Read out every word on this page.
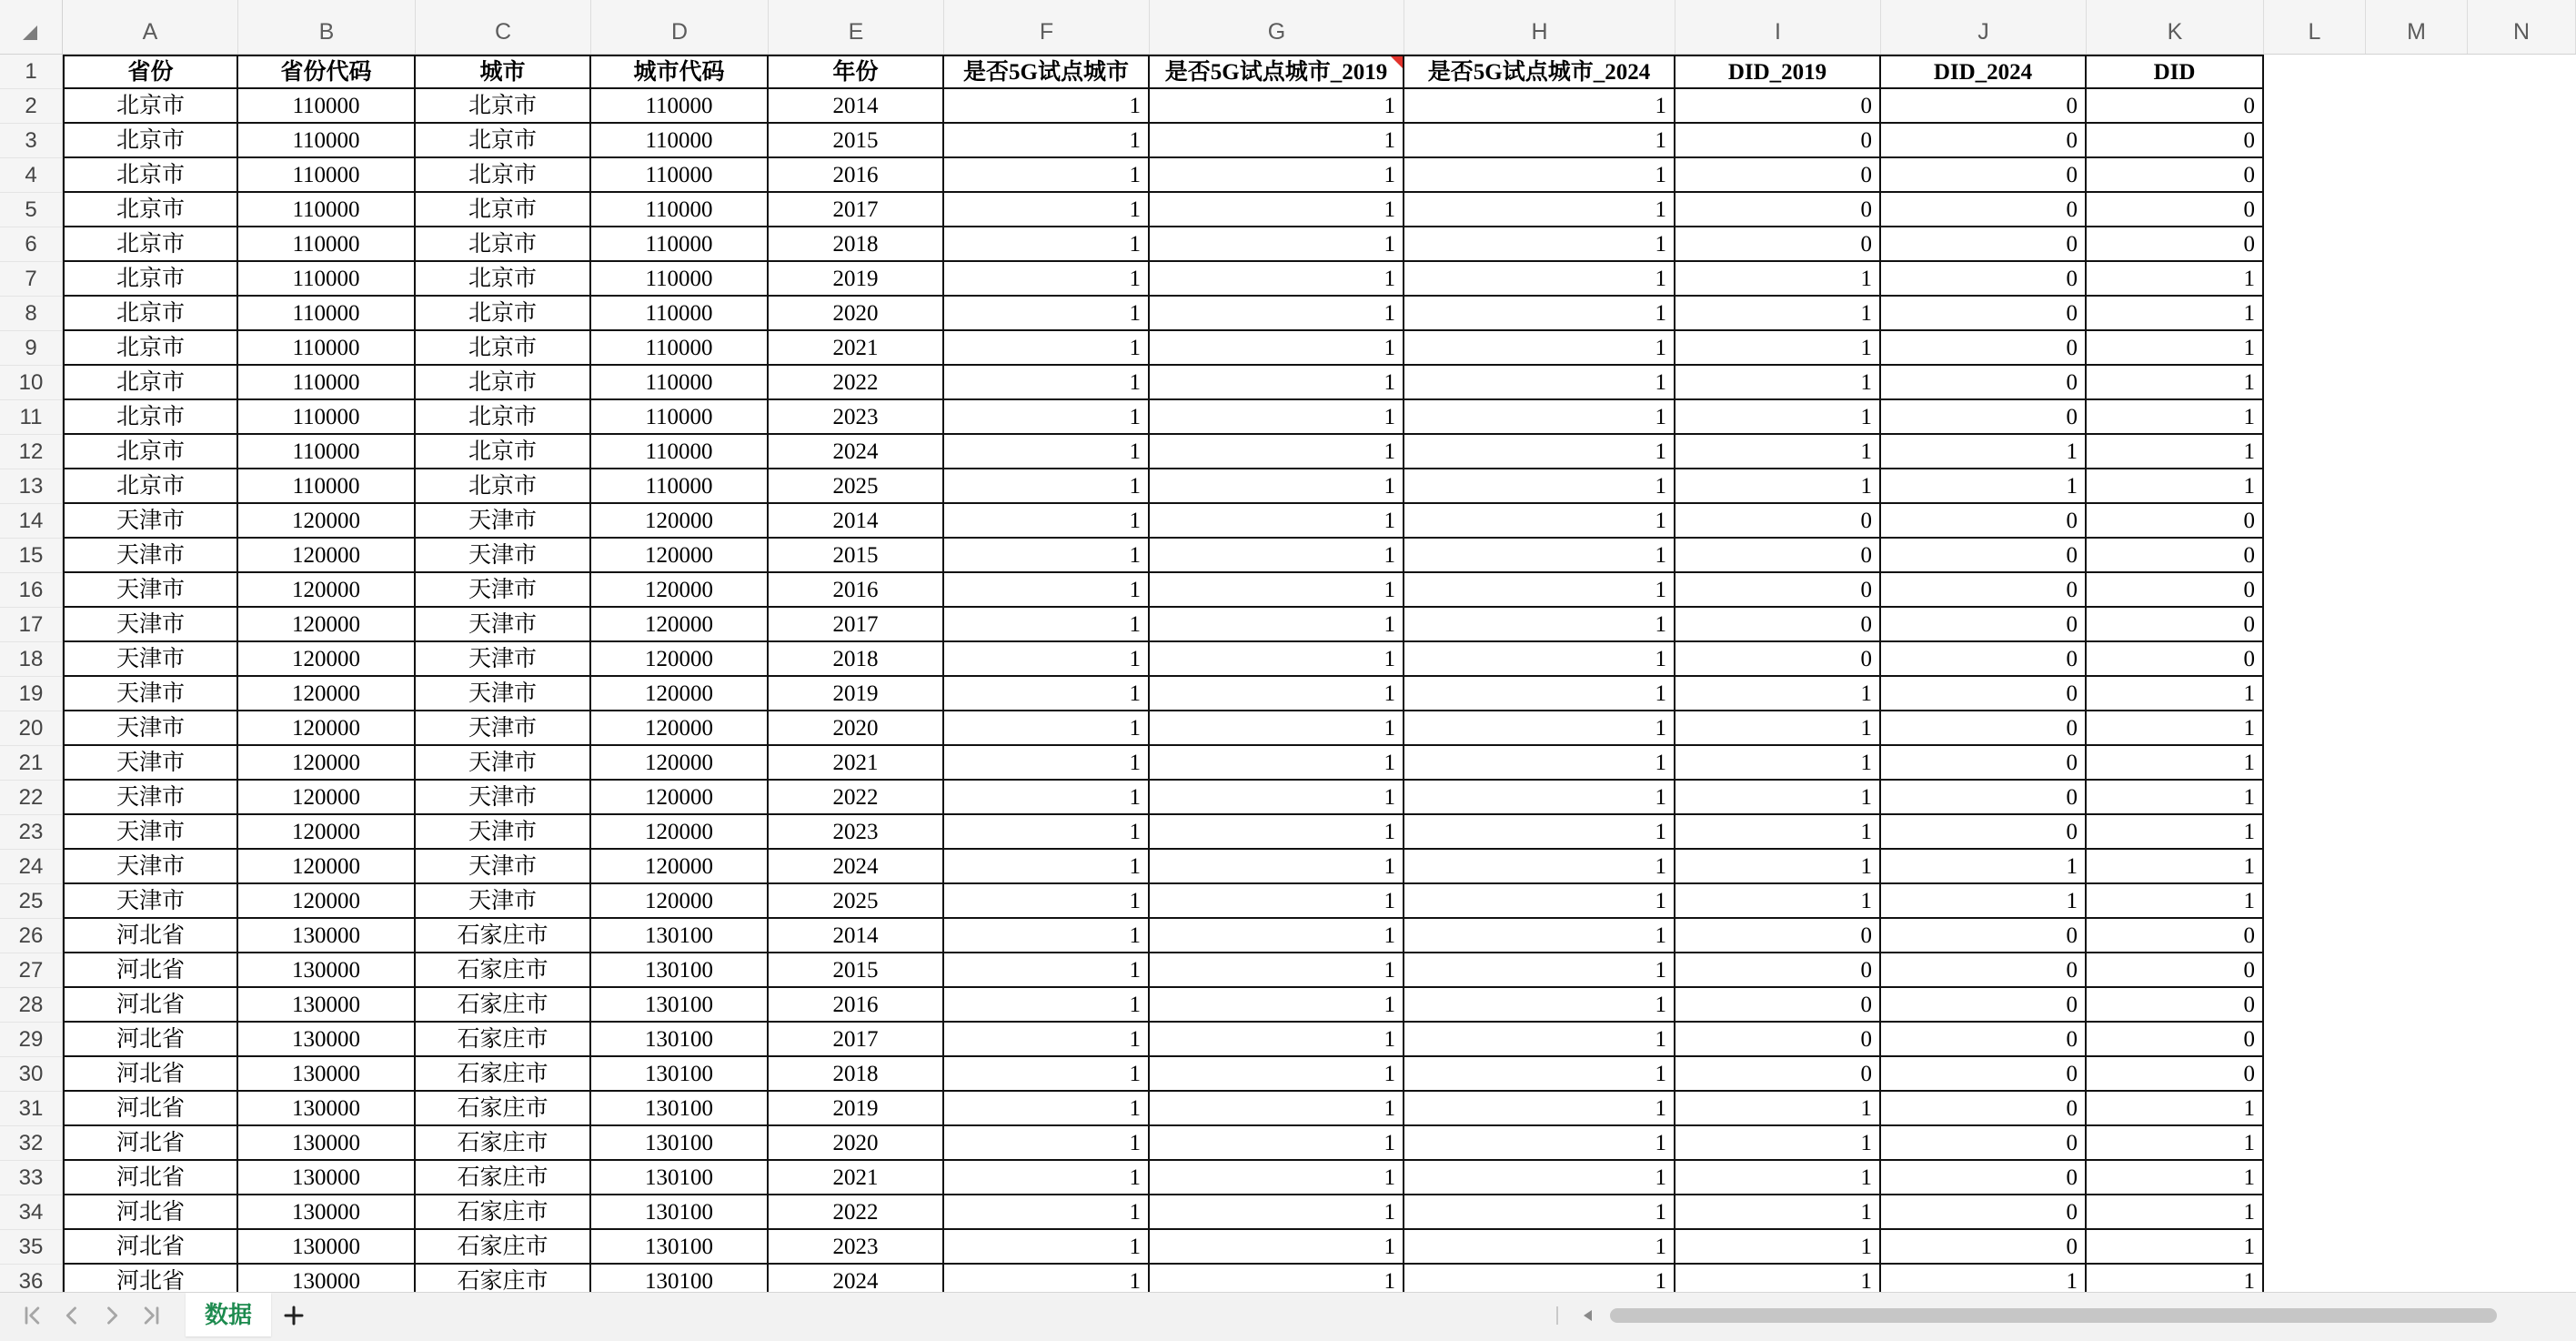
A	B	C	D	E	F	G	H	I	J	K	L	M	N
1	省份	省份代码	城市	城市代码	年份	是否5G试点城市	是否5G试点城市_2019	是否5G试点城市_2024	DID_2019	DID_2024	DID
2	北京市	110000	北京市	110000	2014	1	1	1	0	0	0
3	北京市	110000	北京市	110000	2015	1	1	1	0	0	0
4	北京市	110000	北京市	110000	2016	1	1	1	0	0	0
5	北京市	110000	北京市	110000	2017	1	1	1	0	0	0
6	北京市	110000	北京市	110000	2018	1	1	1	0	0	0
7	北京市	110000	北京市	110000	2019	1	1	1	1	0	1
8	北京市	110000	北京市	110000	2020	1	1	1	1	0	1
9	北京市	110000	北京市	110000	2021	1	1	1	1	0	1
10	北京市	110000	北京市	110000	2022	1	1	1	1	0	1
11	北京市	110000	北京市	110000	2023	1	1	1	1	0	1
12	北京市	110000	北京市	110000	2024	1	1	1	1	1	1
13	北京市	110000	北京市	110000	2025	1	1	1	1	1	1
14	天津市	120000	天津市	120000	2014	1	1	1	0	0	0
15	天津市	120000	天津市	120000	2015	1	1	1	0	0	0
16	天津市	120000	天津市	120000	2016	1	1	1	0	0	0
17	天津市	120000	天津市	120000	2017	1	1	1	0	0	0
18	天津市	120000	天津市	120000	2018	1	1	1	0	0	0
19	天津市	120000	天津市	120000	2019	1	1	1	1	0	1
20	天津市	120000	天津市	120000	2020	1	1	1	1	0	1
21	天津市	120000	天津市	120000	2021	1	1	1	1	0	1
22	天津市	120000	天津市	120000	2022	1	1	1	1	0	1
23	天津市	120000	天津市	120000	2023	1	1	1	1	0	1
24	天津市	120000	天津市	120000	2024	1	1	1	1	1	1
25	天津市	120000	天津市	120000	2025	1	1	1	1	1	1
26	河北省	130000	石家庄市	130100	2014	1	1	1	0	0	0
27	河北省	130000	石家庄市	130100	2015	1	1	1	0	0	0
28	河北省	130000	石家庄市	130100	2016	1	1	1	0	0	0
29	河北省	130000	石家庄市	130100	2017	1	1	1	0	0	0
30	河北省	130000	石家庄市	130100	2018	1	1	1	0	0	0
31	河北省	130000	石家庄市	130100	2019	1	1	1	1	0	1
32	河北省	130000	石家庄市	130100	2020	1	1	1	1	0	1
33	河北省	130000	石家庄市	130100	2021	1	1	1	1	0	1
34	河北省	130000	石家庄市	130100	2022	1	1	1	1	0	1
35	河北省	130000	石家庄市	130100	2023	1	1	1	1	0	1
36	河北省	130000	石家庄市	130100	2024	1	1	1	1	1	1
数据
